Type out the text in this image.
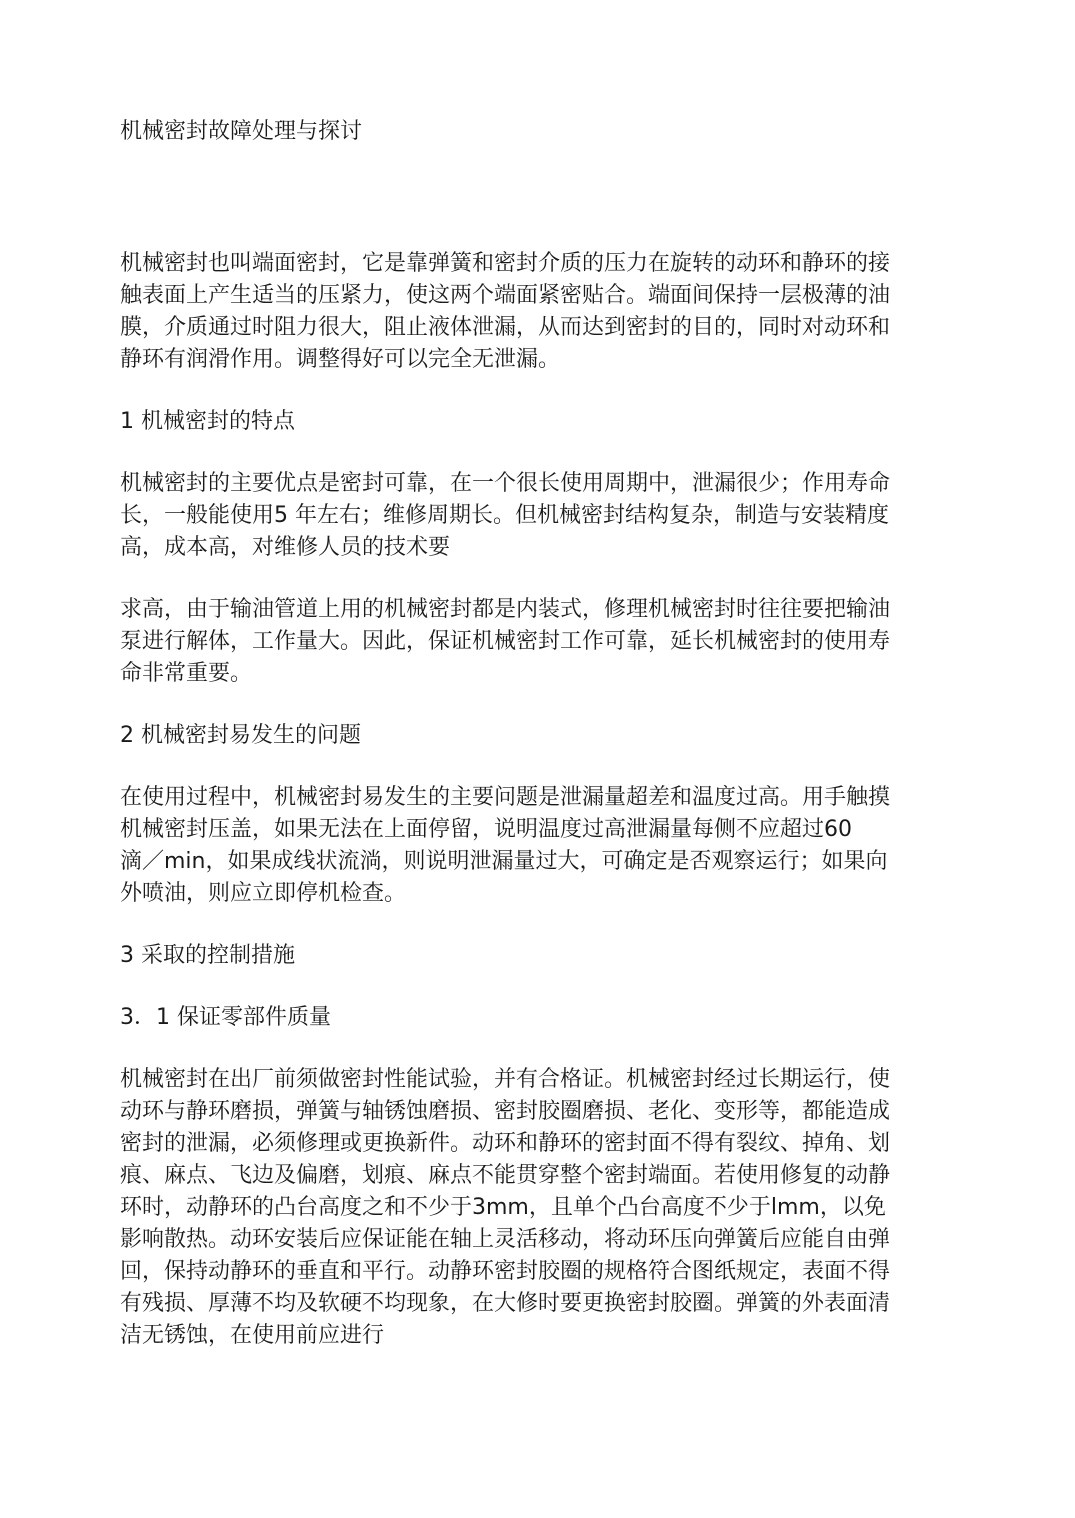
机械密封故障处理与探讨

机械密封也叫端面密封，它是靠弹簧和密封介质的压力在旋转的动环和静环的接
触表面上产生适当的压紧力，使这两个端面紧密贴合。端面间保持一层极薄的油
膜，介质通过时阻力很大，阻止液体泄漏，从而达到密封的目的，同时对动环和
静环有润滑作用。调整得好可以完全无泄漏。

1 机械密封的特点

机械密封的主要优点是密封可靠，在一个很长使用周期中，泄漏很少；作用寿命
长，一般能使用5 年左右；维修周期长。但机械密封结构复杂，制造与安装精度
高，成本高，对维修人员的技术要

求高，由于输油管道上用的机械密封都是内装式，修理机械密封时往往要把输油
泵进行解体，工作量大。因此，保证机械密封工作可靠，延长机械密封的使用寿
命非常重要。

2 机械密封易发生的问题

在使用过程中，机械密封易发生的主要问题是泄漏量超差和温度过高。用手触摸
机械密封压盖，如果无法在上面停留，说明温度过高泄漏量每侧不应超过60
滴／min，如果成线状流淌，则说明泄漏量过大，可确定是否观察运行；如果向
外喷油，则应立即停机检查。

3 采取的控制措施
3．1 保证零部件质量

机械密封在出厂前须做密封性能试验，并有合格证。机械密封经过长期运行，使
动环与静环磨损，弹簧与轴锈蚀磨损、密封胶圈磨损、老化、变形等，都能造成
密封的泄漏，必须修理或更换新件。动环和静环的密封面不得有裂纹、掉角、划
痕、麻点、飞边及偏磨，划痕、麻点不能贯穿整个密封端面。若使用修复的动静
环时，动静环的凸台高度之和不少于3mm，且单个凸台高度不少于lmm，以免
影响散热。动环安装后应保证能在轴上灵活移动，将动环压向弹簧后应能自由弹
回，保持动静环的垂直和平行。动静环密封胶圈的规格符合图纸规定，表面不得
有残损、厚薄不均及软硬不均现象，在大修时要更换密封胶圈。弹簧的外表面清
洁无锈蚀，在使用前应进行
